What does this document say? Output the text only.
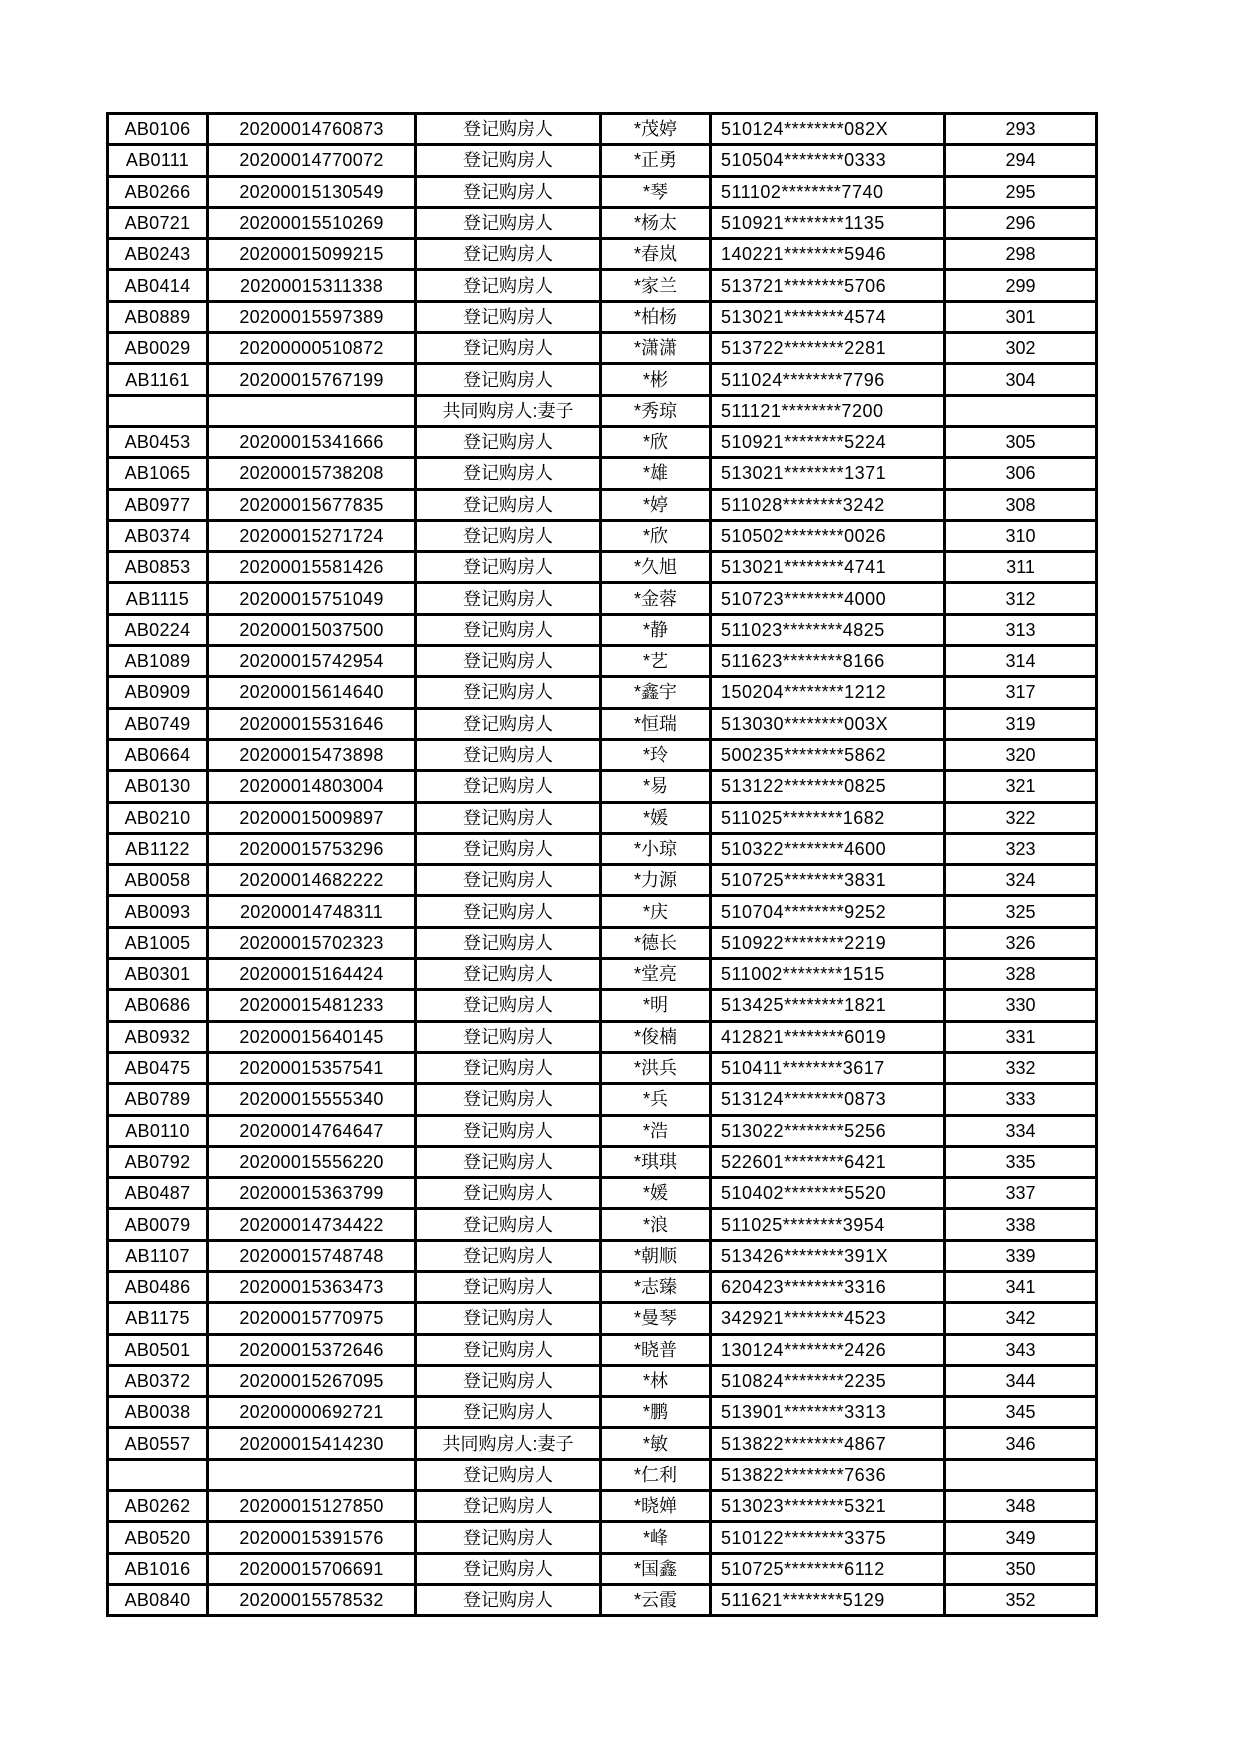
AB0106	20200014760873	登记购房人	*茂婷	510124********082X	293
AB0111	20200014770072	登记购房人	*正勇	510504********0333	294
AB0266	20200015130549	登记购房人	*琴	511102********7740	295
AB0721	20200015510269	登记购房人	*杨太	510921********1135	296
AB0243	20200015099215	登记购房人	*春岚	140221********5946	298
AB0414	20200015311338	登记购房人	*家兰	513721********5706	299
AB0889	20200015597389	登记购房人	*柏杨	513021********4574	301
AB0029	20200000510872	登记购房人	*潇潇	513722********2281	302
AB1161	20200015767199	登记购房人	*彬	511024********7796	304
		共同购房人:妻子	*秀琼	511121********7200	
AB0453	20200015341666	登记购房人	*欣	510921********5224	305
AB1065	20200015738208	登记购房人	*雄	513021********1371	306
AB0977	20200015677835	登记购房人	*婷	511028********3242	308
AB0374	20200015271724	登记购房人	*欣	510502********0026	310
AB0853	20200015581426	登记购房人	*久旭	513021********4741	311
AB1115	20200015751049	登记购房人	*金蓉	510723********4000	312
AB0224	20200015037500	登记购房人	*静	511023********4825	313
AB1089	20200015742954	登记购房人	*艺	511623********8166	314
AB0909	20200015614640	登记购房人	*鑫宇	150204********1212	317
AB0749	20200015531646	登记购房人	*恒瑞	513030********003X	319
AB0664	20200015473898	登记购房人	*玲	500235********5862	320
AB0130	20200014803004	登记购房人	*易	513122********0825	321
AB0210	20200015009897	登记购房人	*媛	511025********1682	322
AB1122	20200015753296	登记购房人	*小琼	510322********4600	323
AB0058	20200014682222	登记购房人	*力源	510725********3831	324
AB0093	20200014748311	登记购房人	*庆	510704********9252	325
AB1005	20200015702323	登记购房人	*德长	510922********2219	326
AB0301	20200015164424	登记购房人	*堂亮	511002********1515	328
AB0686	20200015481233	登记购房人	*明	513425********1821	330
AB0932	20200015640145	登记购房人	*俊楠	412821********6019	331
AB0475	20200015357541	登记购房人	*洪兵	510411********3617	332
AB0789	20200015555340	登记购房人	*兵	513124********0873	333
AB0110	20200014764647	登记购房人	*浩	513022********5256	334
AB0792	20200015556220	登记购房人	*琪琪	522601********6421	335
AB0487	20200015363799	登记购房人	*媛	510402********5520	337
AB0079	20200014734422	登记购房人	*浪	511025********3954	338
AB1107	20200015748748	登记购房人	*朝顺	513426********391X	339
AB0486	20200015363473	登记购房人	*志臻	620423********3316	341
AB1175	20200015770975	登记购房人	*曼琴	342921********4523	342
AB0501	20200015372646	登记购房人	*晓普	130124********2426	343
AB0372	20200015267095	登记购房人	*林	510824********2235	344
AB0038	20200000692721	登记购房人	*鹏	513901********3313	345
AB0557	20200015414230	共同购房人:妻子	*敏	513822********4867	346
		登记购房人	*仁利	513822********7636	
AB0262	20200015127850	登记购房人	*晓婵	513023********5321	348
AB0520	20200015391576	登记购房人	*峰	510122********3375	349
AB1016	20200015706691	登记购房人	*国鑫	510725********6112	350
AB0840	20200015578532	登记购房人	*云霞	511621********5129	352
